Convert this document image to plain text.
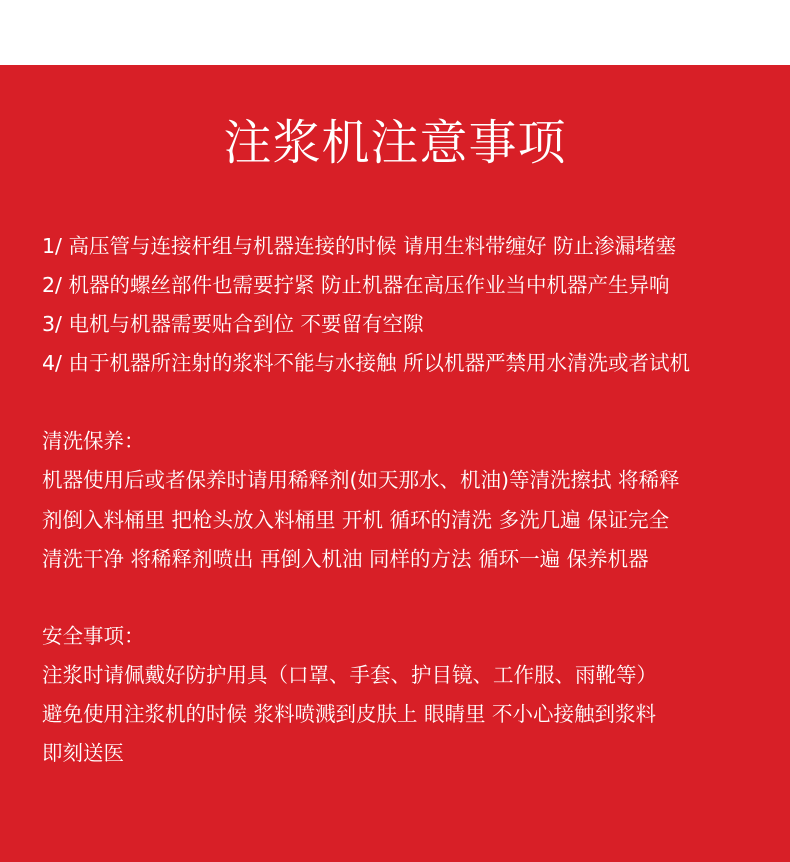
注浆机注意事项
1/ 高压管与连接杆组与机器连接的时候 请用生料带缠好 防止渗漏堵塞
2/ 机器的螺丝部件也需要拧紧 防止机器在高压作业当中机器产生异响
3/ 电机与机器需要贴合到位 不要留有空隙
4/ 由于机器所注射的浆料不能与水接触 所以机器严禁用水清洗或者试机
清洗保养：
机器使用后或者保养时请用稀释剂(如天那水、机油)等清洗擦拭 将稀释
剂倒入料桶里 把枪头放入料桶里 开机 循环的清洗 多洗几遍 保证完全
清洗干净 将稀释剂喷出 再倒入机油 同样的方法 循环一遍 保养机器
安全事项：
注浆时请佩戴好防护用具（口罩、手套、护目镜、工作服、雨靴等）
避免使用注浆机的时候 浆料喷溅到皮肤上 眼睛里 不小心接触到浆料
即刻送医
